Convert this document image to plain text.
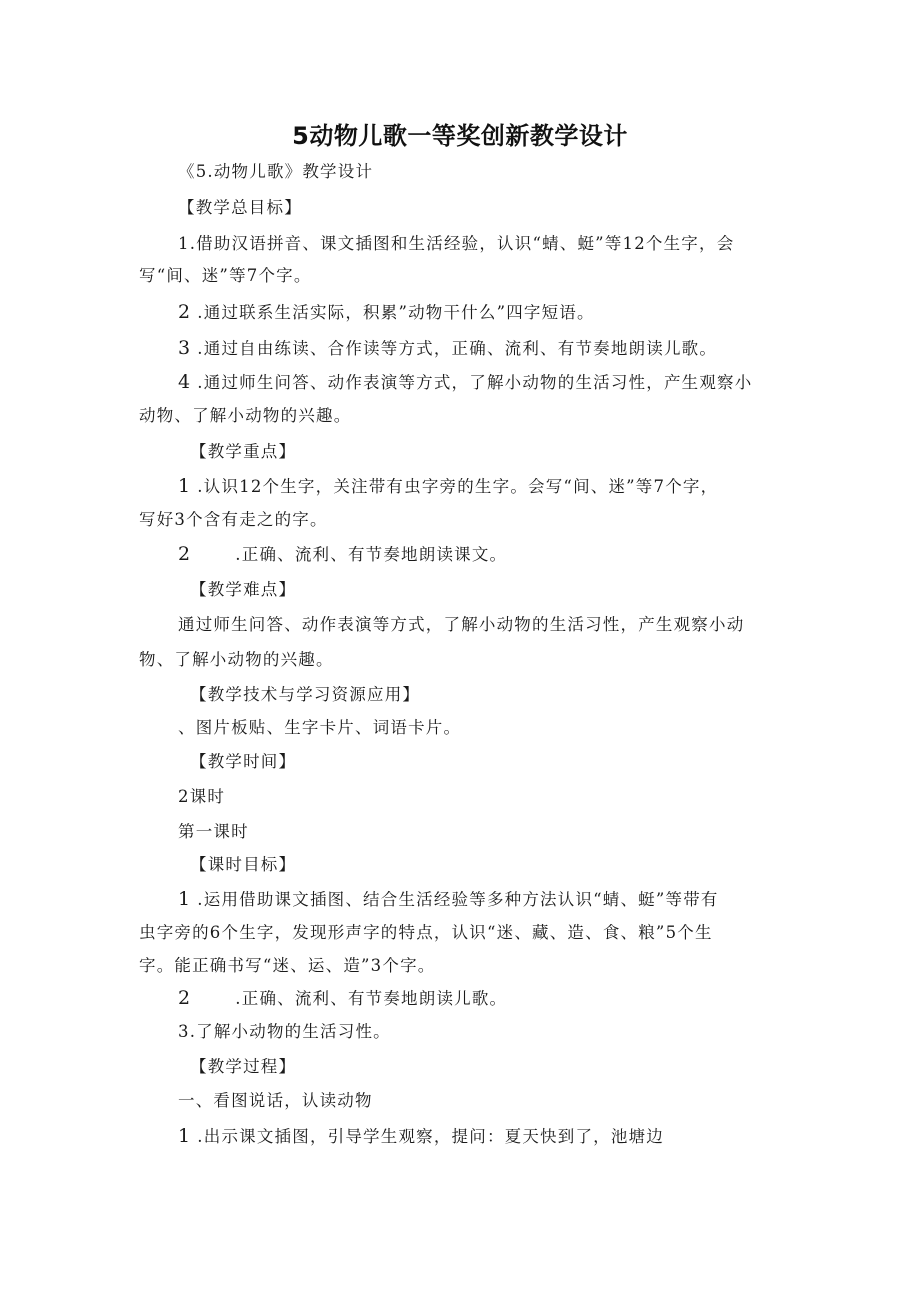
5动物儿歌一等奖创新教学设计
《5.动物儿歌》教学设计
【教学总目标】
1.借助汉语拼音、课文插图和生活经验，认识“蜻、蜓”等12个生字，会
写“间、迷”等7个字。
2 .通过联系生活实际，积累”动物干什么”四字短语。
3 .通过自由练读、合作读等方式，正确、流利、有节奏地朗读儿歌。
4 .通过师生问答、动作表演等方式，了解小动物的生活习性，产生观察小
动物、了解小动物的兴趣。
【教学重点】
1 .认识12个生字，关注带有虫字旁的生字。会写“间、迷”等7个字，
写好3个含有走之的字。
2	.正确、流利、有节奏地朗读课文。
【教学难点】
通过师生问答、动作表演等方式，了解小动物的生活习性，产生观察小动
物、了解小动物的兴趣。
【教学技术与学习资源应用】
、图片板贴、生字卡片、词语卡片。
【教学时间】
2课时
第一课时
【课时目标】
1 .运用借助课文插图、结合生活经验等多种方法认识“蜻、蜓”等带有
虫字旁的6个生字，发现形声字的特点，认识“迷、藏、造、食、粮”5个生
字。能正确书写“迷、运、造”3个字。
2	.正确、流利、有节奏地朗读儿歌。
3.了解小动物的生活习性。
【教学过程】
一、看图说话，认读动物
1 .出示课文插图，引导学生观察，提问：夏天快到了，池塘边
